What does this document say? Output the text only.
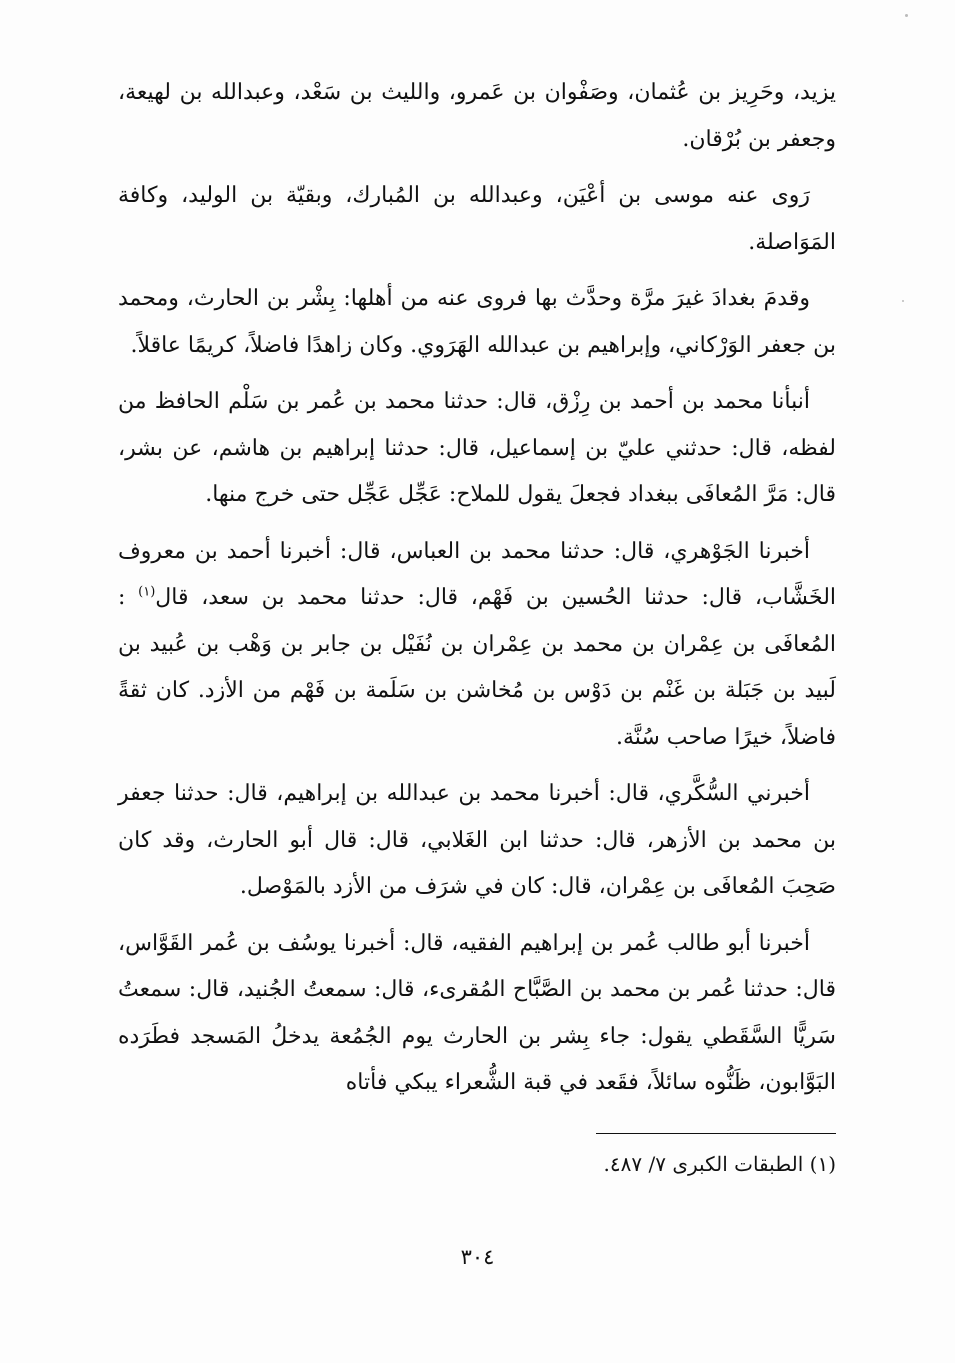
يزيد، وحَرِيز بن عُثمان، وصَفْوان بن عَمرو، والليث بن سَعْد، وعبدالله بن لهيعة، وجعفر بن بُرْقان.

رَوى عنه موسى بن أعْيَن، وعبدالله بن المُبارك، وبقيّة بن الوليد، وكافة المَوَاصلة.

وقدمَ بغدادَ غيرَ مرَّة وحدَّث بها فروى عنه من أهلها: بِشْر بن الحارث، ومحمد بن جعفر الوَرْكاني، وإبراهيم بن عبدالله الهَرَوي. وكان زاهدًا فاضلاً، كريمًا عاقلاً.

أنبأنا محمد بن أحمد بن رِزْق، قال: حدثنا محمد بن عُمر بن سَلْم الحافظ من لفظه، قال: حدثني عليّ بن إسماعيل، قال: حدثنا إبراهيم بن هاشم، عن بشر، قال: مَرَّ المُعافَى ببغداد فجعلَ يقول للملاح: عَجِّل عَجِّل حتى خرج منها.

أخبرنا الجَوْهري، قال: حدثنا محمد بن العباس، قال: أخبرنا أحمد بن معروف الخَشَّاب، قال: حدثنا الحُسين بن فَهْم، قال: حدثنا محمد بن سعد، قال$^{(١)}$ : المُعافَى بن عِمْران بن محمد بن عِمْران بن نُفَيْل بن جابر بن وَهْب بن عُبيد بن لَبيد بن جَبَلة بن غَنْم بن دَوْس بن مُخاشن بن سَلَمة بن فَهْم من الأزد. كان ثقةً فاضلاً، خيرًا صاحب سُنَّة.

أخبرني السُّكَّري، قال: أخبرنا محمد بن عبدالله بن إبراهيم، قال: حدثنا جعفر بن محمد بن الأزهر، قال: حدثنا ابن الغَلابي، قال: قال أبو الحارث، وقد كان صَحِبَ المُعافَى بن عِمْران، قال: كان في شرَف من الأزد بالمَوْصل.

أخبرنا أبو طالب عُمر بن إبراهيم الفقيه، قال: أخبرنا يوسُف بن عُمر القَوَّاس، قال: حدثنا عُمر بن محمد بن الصَّبَّاح المُقرىء، قال: سمعتُ الجُنيد، قال: سمعتُ سَريًّا السَّقَطي يقول: جاء بِشر بن الحارث يوم الجُمُعة يدخلُ المَسجد فطَرَده البَوَّابون، ظَنُّوه سائلاً، فقَعد في قبة الشُّعراء يبكي فأتاه

(١) الطبقات الكبرى ٧/ ٤٨٧.
٣٠٤
